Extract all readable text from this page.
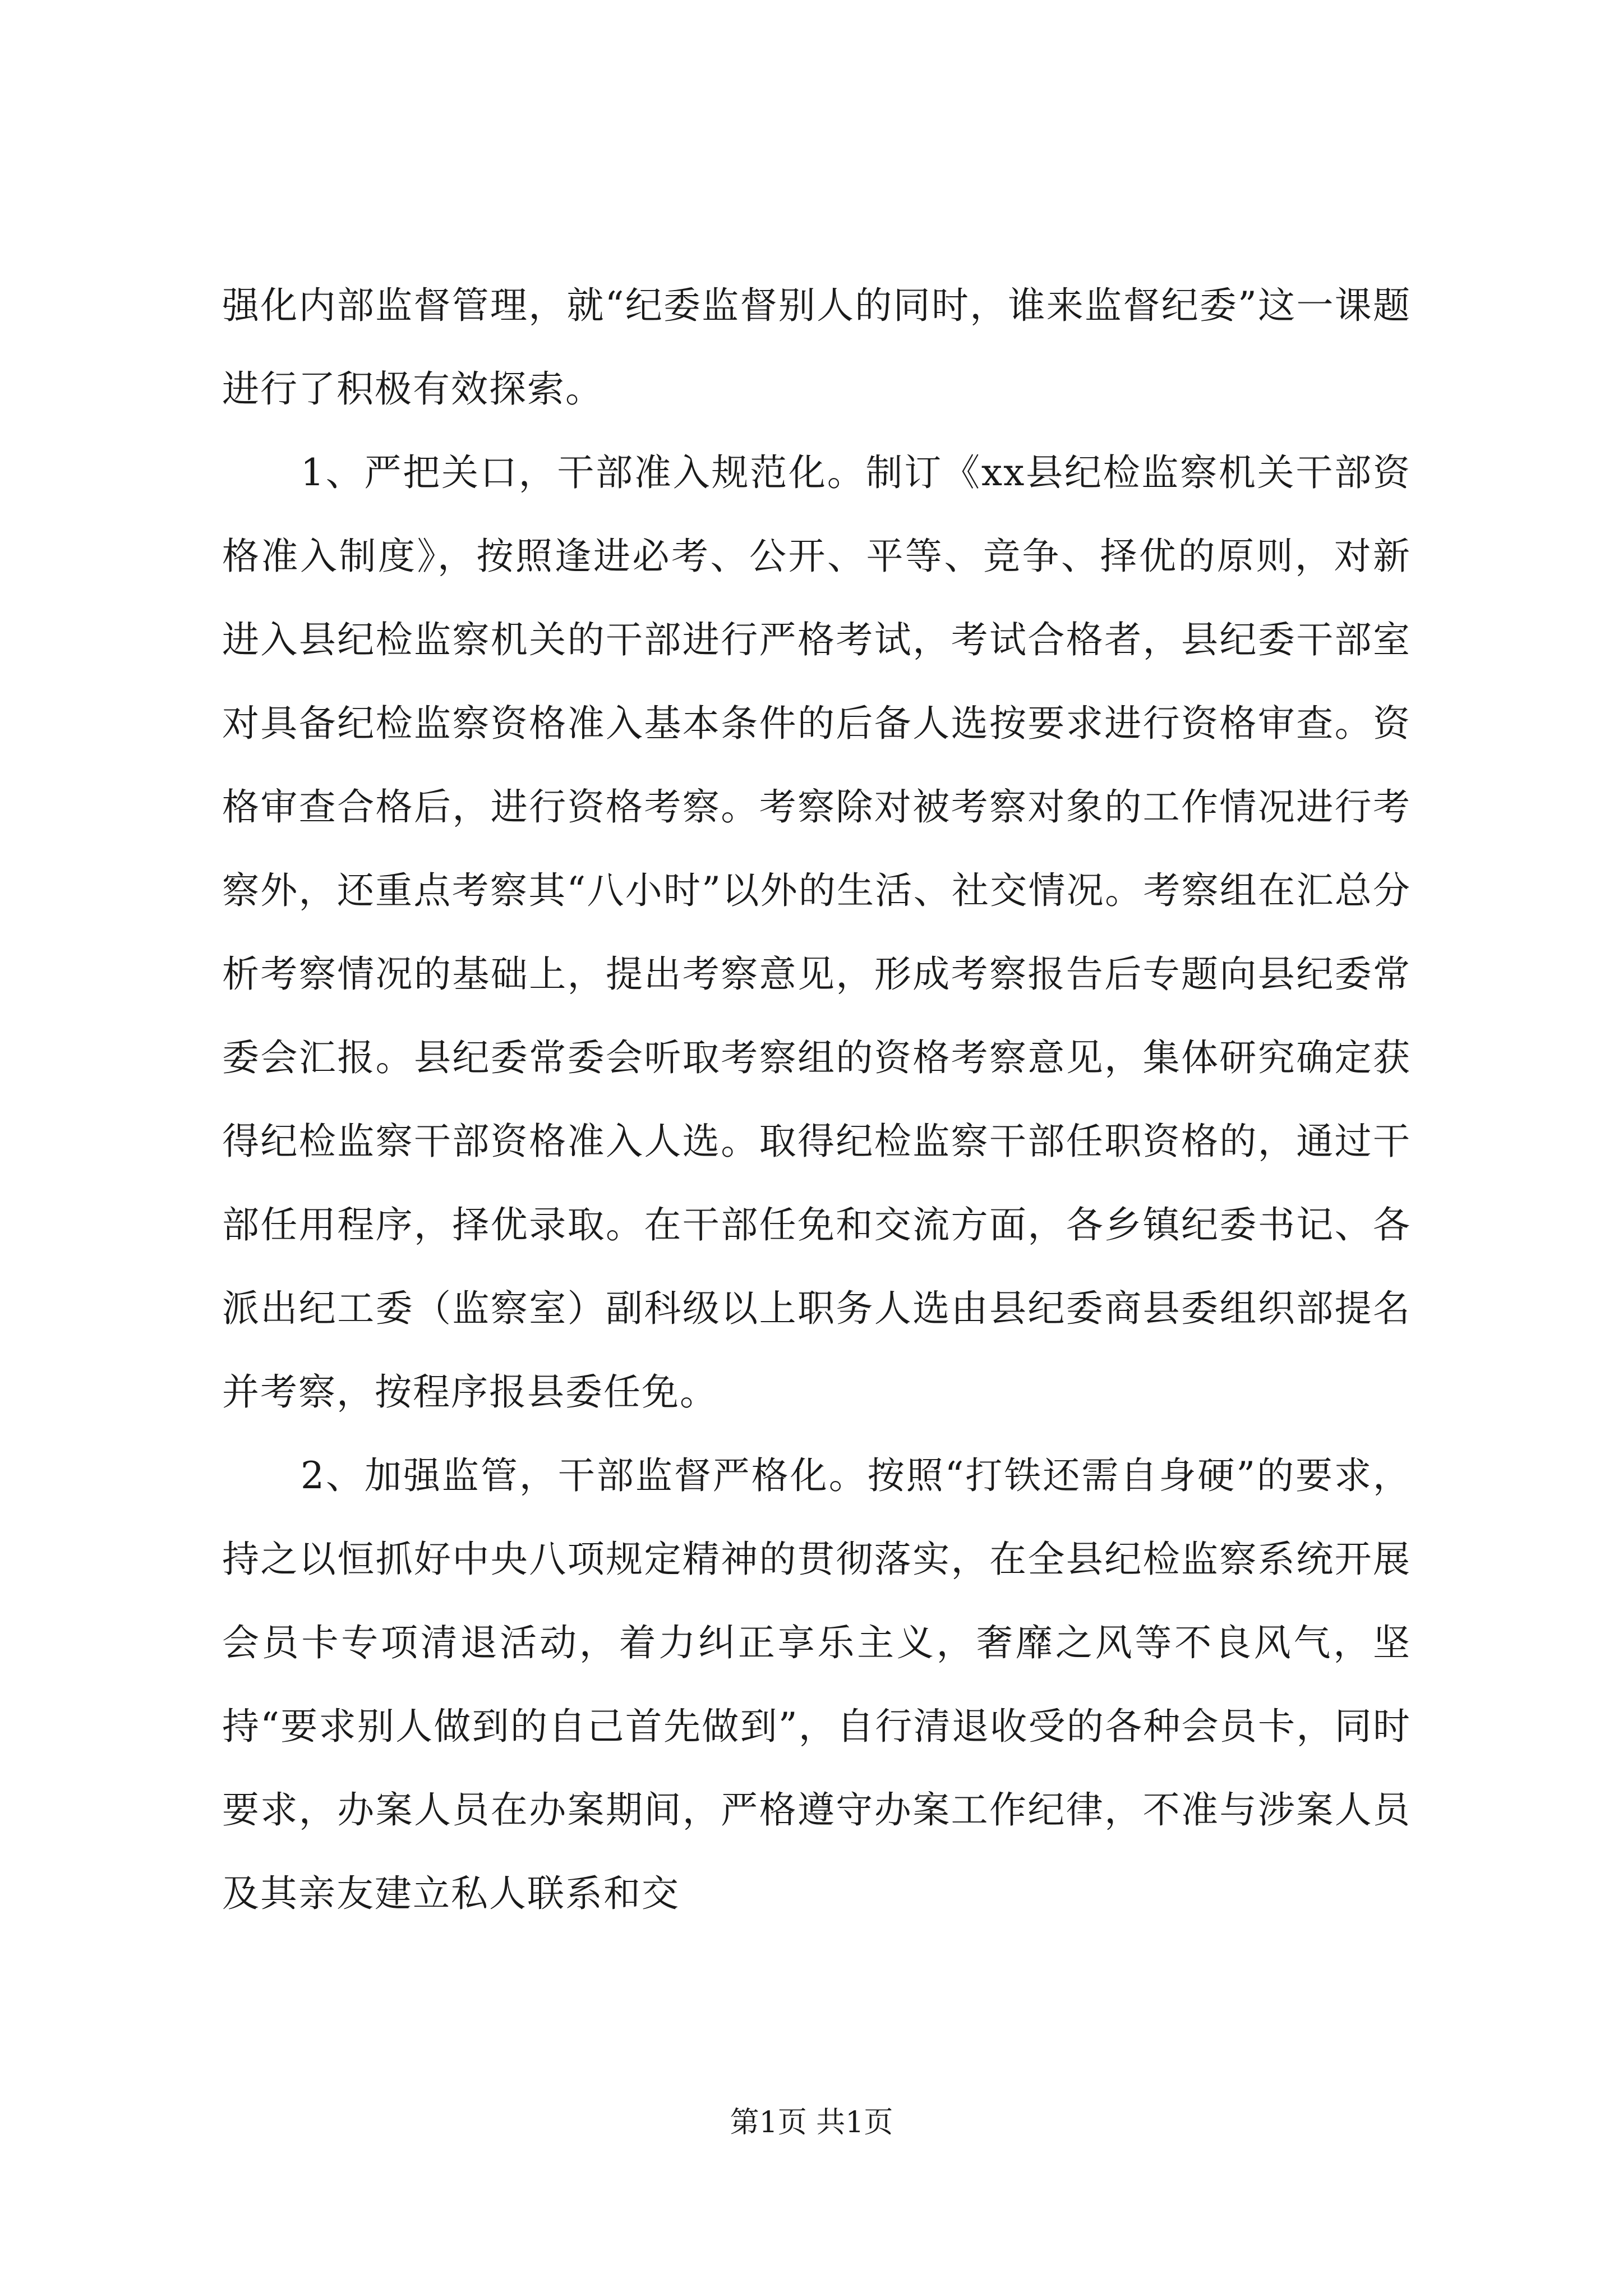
强化内部监督管理，就“纪委监督别人的同时，谁来监督纪委”这一课题进行了积极有效探索。

1、严把关口，干部准入规范化。制订《xx县纪检监察机关干部资格准入制度》，按照逢进必考、公开、平等、竞争、择优的原则，对新进入县纪检监察机关的干部进行严格考试，考试合格者，县纪委干部室对具备纪检监察资格准入基本条件的后备人选按要求进行资格审查。资格审查合格后，进行资格考察。考察除对被考察对象的工作情况进行考察外，还重点考察其“八小时”以外的生活、社交情况。考察组在汇总分析考察情况的基础上，提出考察意见，形成考察报告后专题向县纪委常委会汇报。县纪委常委会听取考察组的资格考察意见，集体研究确定获得纪检监察干部资格准入人选。取得纪检监察干部任职资格的，通过干部任用程序，择优录取。在干部任免和交流方面，各乡镇纪委书记、各派出纪工委（监察室）副科级以上职务人选由县纪委商县委组织部提名并考察，按程序报县委任免。

2、加强监管，干部监督严格化。按照“打铁还需自身硬”的要求，持之以恒抓好中央八项规定精神的贯彻落实，在全县纪检监察系统开展会员卡专项清退活动，着力纠正享乐主义，奢靡之风等不良风气，坚持“要求别人做到的自己首先做到”，自行清退收受的各种会员卡，同时要求，办案人员在办案期间，严格遵守办案工作纪律，不准与涉案人员及其亲友建立私人联系和交

第1页 共1页
